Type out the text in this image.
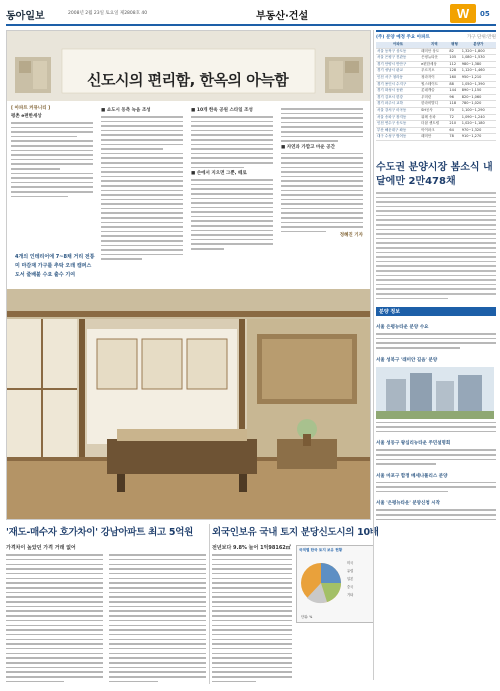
동아일보	2008년 2월 23일 토요일 제2808호 40	부동산·건설	W	05
신도시의 편리함, 한옥의 아늑함
[ 아파트 커뮤니티 ]
평촌 e편한세상
■ 쇼도시 동측 녹음 조성	■ 10개 한옥 공원 스타일 조성
■ 손에서 지으면 그뿐, 떼로
■ 자연과 가깝고 마운 공간
정혜진 기자
4개의 인테리어에 7~8채 거리 전통미 마감재 가구를 추탁 오래 캠퍼스도서 줄배불 수요 출수 기여
(주) 분양 예정 주요 아파트	가구 단위:만원
아파트	지역	평형	분양가
서울 동작구 상도동	래미안 상도	82	1,320~1,800
서울 은평구 진관동	은평뉴타운	105	1,080~1,530
경기 안양시 만안구	e편한세상	112	980~1,380
경기 성남시 판교	푸르지오	128	1,120~1,460
인천 서구 청라동	청라자이	160	950~1,210
경기 용인시 수지구	힐스테이트	88	1,050~1,390
경기 화성시 동탄	롯데캐슬	144	890~1,150
경기 김포시 한강	우미린	96	820~1,060
경기 파주시 교하	한라비발디	118	780~1,020
서울 강서구 마곡동	SH공사	70	1,100~1,290
서울 송파구 장지동	위례 송파	72	1,090~1,240
인천 연수구 송도동	더샵 센트럴	210	1,020~1,180
부산 해운대구 좌동	아이파크	64	970~1,320
대구 수성구 범어동	래미안	78	910~1,270
수도권 분양시장 봄소식 내달에만 2만478채
분양 정보
서울 은평뉴타운 분양 수요
서울 성북구 '래미안 길음' 분양
서울 성동구 왕십리뉴타운 주민설명회
서울 마포구 합정 메세나폴리스 분양
서울 '은평뉴타운' 분양신청 시작
'재도-매수자 호가차이' 강남아파트 최고 5억원
가격차이 높았던 가격 거래 없어
외국인보유 국내 토지 분당신도시의 10배
전년보다 9.8% 늘어 1억98162㎡	국적별 한국 토지 보유 현황
미국
유럽
일본
중국
기타
단위: %
